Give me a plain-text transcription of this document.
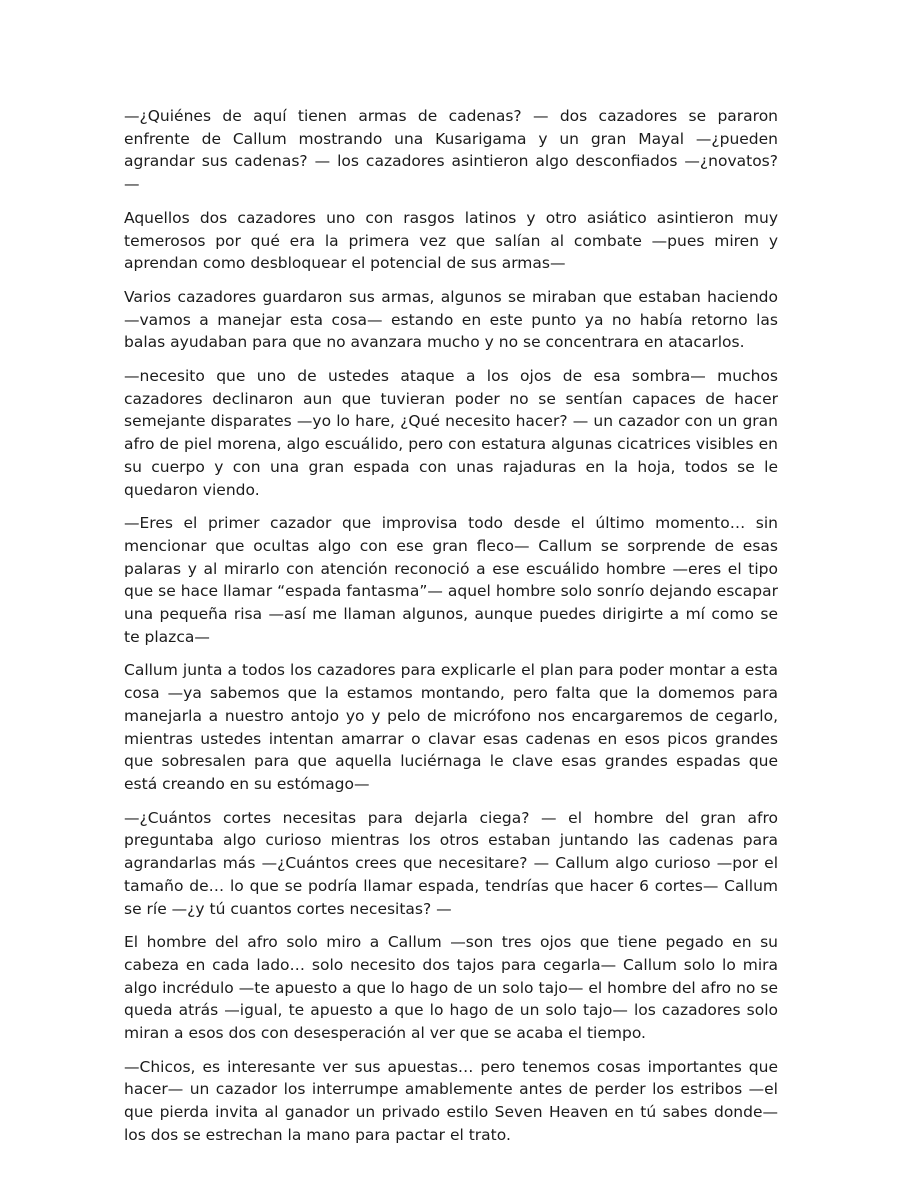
—¿Quiénes de aquí tienen armas de cadenas? — dos cazadores se pararon enfrente de Callum mostrando una Kusarigama y un gran Mayal —¿pueden agrandar sus cadenas? — los cazadores asintieron algo desconfiados —¿novatos? —

Aquellos dos cazadores uno con rasgos latinos y otro asiático asintieron muy temerosos por qué era la primera vez que salían al combate —pues miren y aprendan como desbloquear el potencial de sus armas—

Varios cazadores guardaron sus armas, algunos se miraban que estaban haciendo —vamos a manejar esta cosa— estando en este punto ya no había retorno las balas ayudaban para que no avanzara mucho y no se concentrara en atacarlos.

—necesito que uno de ustedes ataque a los ojos de esa sombra— muchos cazadores declinaron aun que tuvieran poder no se sentían capaces de hacer semejante disparates —yo lo hare, ¿Qué necesito hacer? — un cazador con un gran afro de piel morena, algo escuálido, pero con estatura algunas cicatrices visibles en su cuerpo y con una gran espada con unas rajaduras en la hoja, todos se le quedaron viendo.

—Eres el primer cazador que improvisa todo desde el último momento… sin mencionar que ocultas algo con ese gran fleco— Callum se sorprende de esas palaras y al mirarlo con atención reconoció a ese escuálido hombre —eres el tipo que se hace llamar “espada fantasma”— aquel hombre solo sonrío dejando escapar una pequeña risa —así me llaman algunos, aunque puedes dirigirte a mí como se te plazca—

Callum junta a todos los cazadores para explicarle el plan para poder montar a esta cosa —ya sabemos que la estamos montando, pero falta que la domemos para manejarla a nuestro antojo yo y pelo de micrófono nos encargaremos de cegarlo, mientras ustedes intentan amarrar o clavar esas cadenas en esos picos grandes que sobresalen para que aquella luciérnaga le clave esas grandes espadas que está creando en su estómago—

—¿Cuántos cortes necesitas para dejarla ciega? — el hombre del gran afro preguntaba algo curioso mientras los otros estaban juntando las cadenas para agrandarlas más —¿Cuántos crees que necesitare? — Callum algo curioso —por el tamaño de… lo que se podría llamar espada, tendrías que hacer 6 cortes— Callum se ríe —¿y tú cuantos cortes necesitas? —

El hombre del afro solo miro a Callum —son tres ojos que tiene pegado en su cabeza en cada lado… solo necesito dos tajos para cegarla— Callum solo lo mira algo incrédulo —te apuesto a que lo hago de un solo tajo— el hombre del afro no se queda atrás —igual, te apuesto a que lo hago de un solo tajo— los cazadores solo miran a esos dos con desesperación al ver que se acaba el tiempo.

—Chicos, es interesante ver sus apuestas… pero tenemos cosas importantes que hacer— un cazador los interrumpe amablemente antes de perder los estribos —el que pierda invita al ganador un privado estilo Seven Heaven en tú sabes donde— los dos se estrechan la mano para pactar el trato.
